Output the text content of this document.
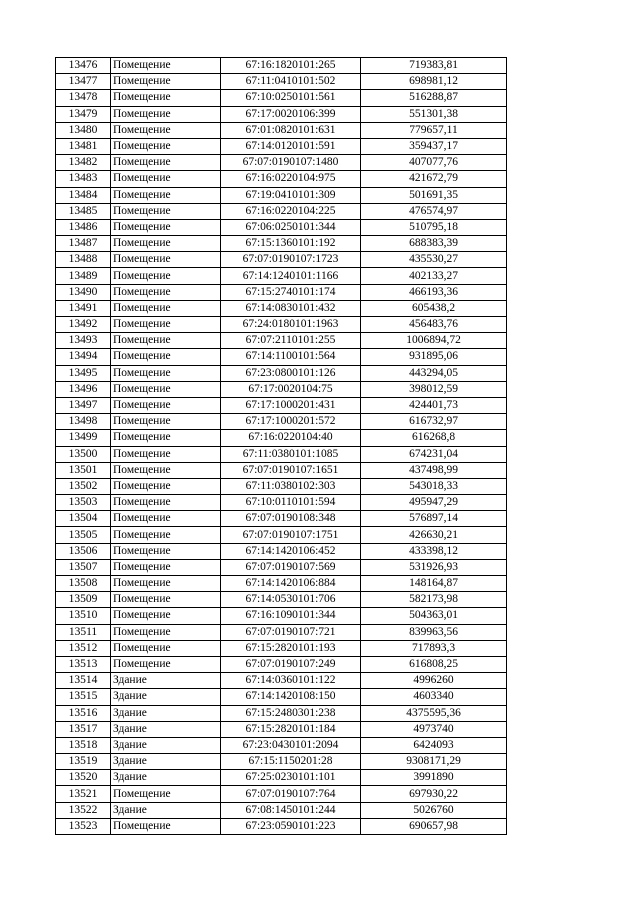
13476	Помещение	67:16:1820101:265	719383,81
13477	Помещение	67:11:0410101:502	698981,12
13478	Помещение	67:10:0250101:561	516288,87
13479	Помещение	67:17:0020106:399	551301,38
13480	Помещение	67:01:0820101:631	779657,11
13481	Помещение	67:14:0120101:591	359437,17
13482	Помещение	67:07:0190107:1480	407077,76
13483	Помещение	67:16:0220104:975	421672,79
13484	Помещение	67:19:0410101:309	501691,35
13485	Помещение	67:16:0220104:225	476574,97
13486	Помещение	67:06:0250101:344	510795,18
13487	Помещение	67:15:1360101:192	688383,39
13488	Помещение	67:07:0190107:1723	435530,27
13489	Помещение	67:14:1240101:1166	402133,27
13490	Помещение	67:15:2740101:174	466193,36
13491	Помещение	67:14:0830101:432	605438,2
13492	Помещение	67:24:0180101:1963	456483,76
13493	Помещение	67:07:2110101:255	1006894,72
13494	Помещение	67:14:1100101:564	931895,06
13495	Помещение	67:23:0800101:126	443294,05
13496	Помещение	67:17:0020104:75	398012,59
13497	Помещение	67:17:1000201:431	424401,73
13498	Помещение	67:17:1000201:572	616732,97
13499	Помещение	67:16:0220104:40	616268,8
13500	Помещение	67:11:0380101:1085	674231,04
13501	Помещение	67:07:0190107:1651	437498,99
13502	Помещение	67:11:0380102:303	543018,33
13503	Помещение	67:10:0110101:594	495947,29
13504	Помещение	67:07:0190108:348	576897,14
13505	Помещение	67:07:0190107:1751	426630,21
13506	Помещение	67:14:1420106:452	433398,12
13507	Помещение	67:07:0190107:569	531926,93
13508	Помещение	67:14:1420106:884	148164,87
13509	Помещение	67:14:0530101:706	582173,98
13510	Помещение	67:16:1090101:344	504363,01
13511	Помещение	67:07:0190107:721	839963,56
13512	Помещение	67:15:2820101:193	717893,3
13513	Помещение	67:07:0190107:249	616808,25
13514	Здание	67:14:0360101:122	4996260
13515	Здание	67:14:1420108:150	4603340
13516	Здание	67:15:2480301:238	4375595,36
13517	Здание	67:15:2820101:184	4973740
13518	Здание	67:23:0430101:2094	6424093
13519	Здание	67:15:1150201:28	9308171,29
13520	Здание	67:25:0230101:101	3991890
13521	Помещение	67:07:0190107:764	697930,22
13522	Здание	67:08:1450101:244	5026760
13523	Помещение	67:23:0590101:223	690657,98
